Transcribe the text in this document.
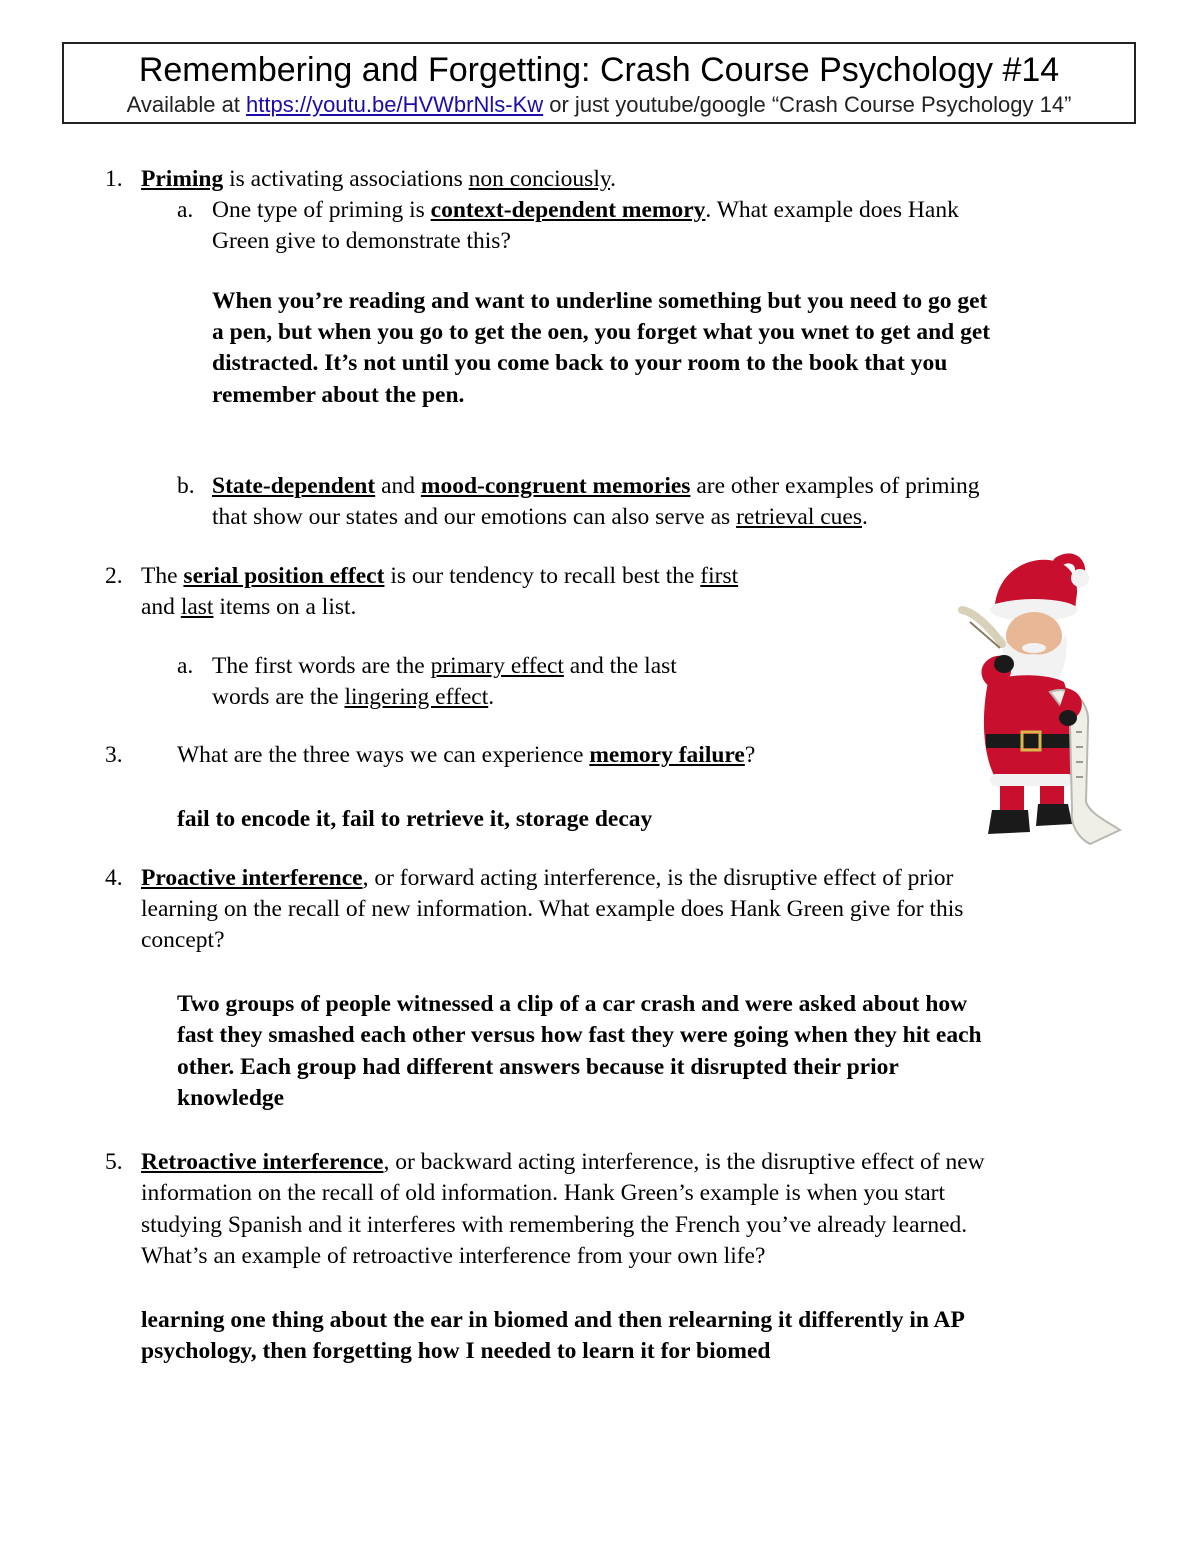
Remembering and Forgetting: Crash Course Psychology #14
Available at https://youtu.be/HVWbrNls-Kw or just youtube/google “Crash Course Psychology 14”
1. Priming is activating associations non conciously.
a. One type of priming is context-dependent memory. What example does Hank
Green give to demonstrate this?
When you’re reading and want to underline something but you need to go get
a pen, but when you go to get the oen, you forget what you wnet to get and get
distracted. It’s not until you come back to your room to the book that you
remember about the pen.
b. State-dependent and mood-congruent memories are other examples of priming
that show our states and our emotions can also serve as retrieval cues.
2. The serial position effect is our tendency to recall best the first
and last items on a list.
a. The first words are the primary effect and the last
words are the lingering effect.
3. What are the three ways we can experience memory failure?
fail to encode it, fail to retrieve it, storage decay
4. Proactive interference, or forward acting interference, is the disruptive effect of prior
learning on the recall of new information. What example does Hank Green give for this
concept?
Two groups of people witnessed a clip of a car crash and were asked about how
fast they smashed each other versus how fast they were going when they hit each
other. Each group had different answers because it disrupted their prior
knowledge
5. Retroactive interference, or backward acting interference, is the disruptive effect of new
information on the recall of old information. Hank Green’s example is when you start
studying Spanish and it interferes with remembering the French you’ve already learned.
What’s an example of retroactive interference from your own life?
learning one thing about the ear in biomed and then relearning it differently in AP
psychology, then forgetting how I needed to learn it for biomed
